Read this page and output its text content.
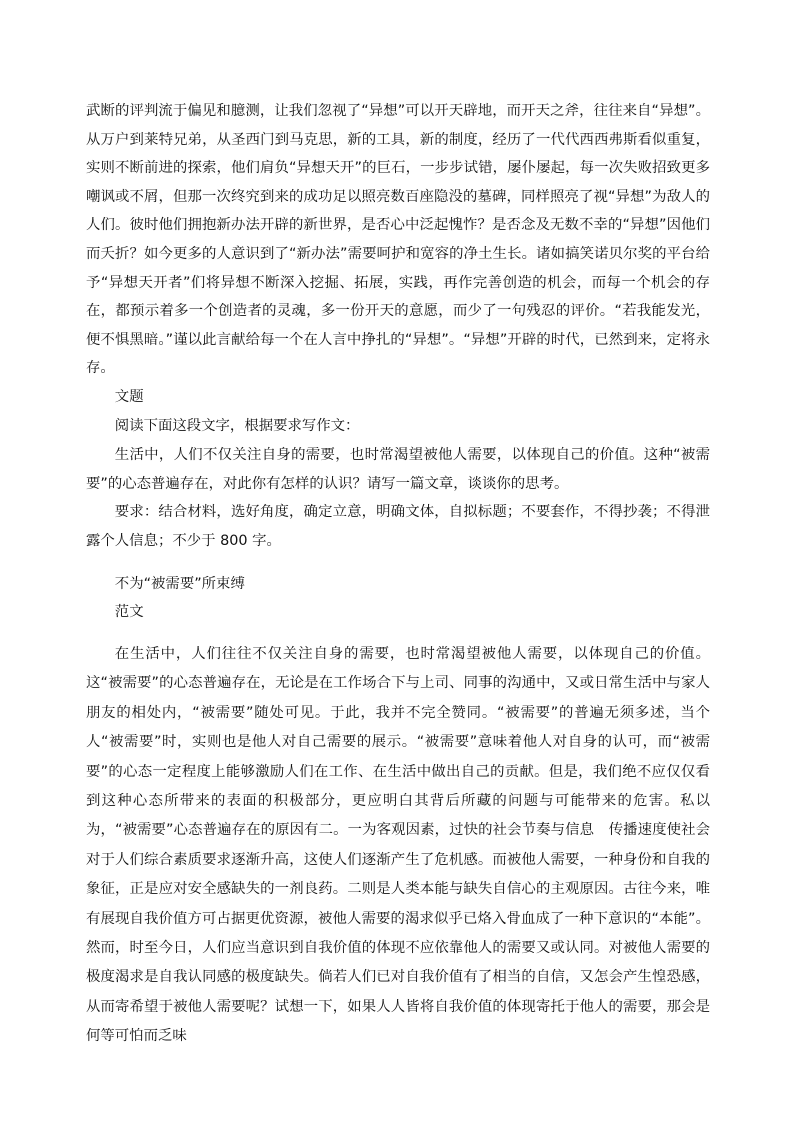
武断的评判流于偏见和臆测，让我们忽视了“异想”可以开天辟地，而开天之斧，往往来自“异想”。从万户到莱特兄弟，从圣西门到马克思，新的工具，新的制度，经历了一代代西西弗斯看似重复，实则不断前进的探索，他们肩负“异想天开”的巨石，一步步试错，屡仆屡起，每一次失败招致更多嘲讽或不屑，但那一次终究到来的成功足以照亮数百座隐没的墓碑，同样照亮了视“异想”为敌人的人们。彼时他们拥抱新办法开辟的新世界，是否心中泛起愧怍？是否念及无数不幸的“异想”因他们而夭折？如今更多的人意识到了“新办法”需要呵护和宽容的净土生长。诸如搞笑诺贝尔奖的平台给予“异想天开者”们将异想不断深入挖掘、拓展，实践，再作完善创造的机会，而每一个机会的存在，都预示着多一个创造者的灵魂，多一份开天的意愿，而少了一句残忍的评价。“若我能发光，便不惧黑暗。”谨以此言献给每一个在人言中挣扎的“异想”。“异想”开辟的时代，已然到来，定将永存。

文题

阅读下面这段文字，根据要求写作文：

生活中，人们不仅关注自身的需要，也时常渴望被他人需要，以体现自己的价值。这种“被需要”的心态普遍存在，对此你有怎样的认识？请写一篇文章，谈谈你的思考。

要求：结合材料，选好角度，确定立意，明确文体，自拟标题；不要套作，不得抄袭；不得泄露个人信息；不少于 800 字。

不为“被需要”所束缚

范文

在生活中，人们往往不仅关注自身的需要，也时常渴望被他人需要，以体现自己的价值。这“被需要”的心态普遍存在，无论是在工作场合下与上司、同事的沟通中，又或日常生活中与家人朋友的相处内，“被需要”随处可见。于此，我并不完全赞同。“被需要”的普遍无须多述，当个人“被需要”时，实则也是他人对自己需要的展示。“被需要”意味着他人对自身的认可，而“被需要”的心态一定程度上能够激励人们在工作、在生活中做出自己的贡献。但是，我们绝不应仅仅看到这种心态所带来的表面的积极部分，更应明白其背后所藏的问题与可能带来的危害。私以为，“被需要”心态普遍存在的原因有二。一为客观因素，过快的社会节奏与信息　传播速度使社会对于人们综合素质要求逐渐升高，这使人们逐渐产生了危机感。而被他人需要，一种身份和自我的象征，正是应对安全感缺失的一剂良药。二则是人类本能与缺失自信心的主观原因。古往今来，唯有展现自我价值方可占据更优资源，被他人需要的渴求似乎已烙入骨血成了一种下意识的“本能”。然而，时至今日，人们应当意识到自我价值的体现不应依靠他人的需要又或认同。对被他人需要的极度渴求是自我认同感的极度缺失。倘若人们已对自我价值有了相当的自信，又怎会产生惶恐感，从而寄希望于被他人需要呢？试想一下，如果人人皆将自我价值的体现寄托于他人的需要，那会是何等可怕而乏味
